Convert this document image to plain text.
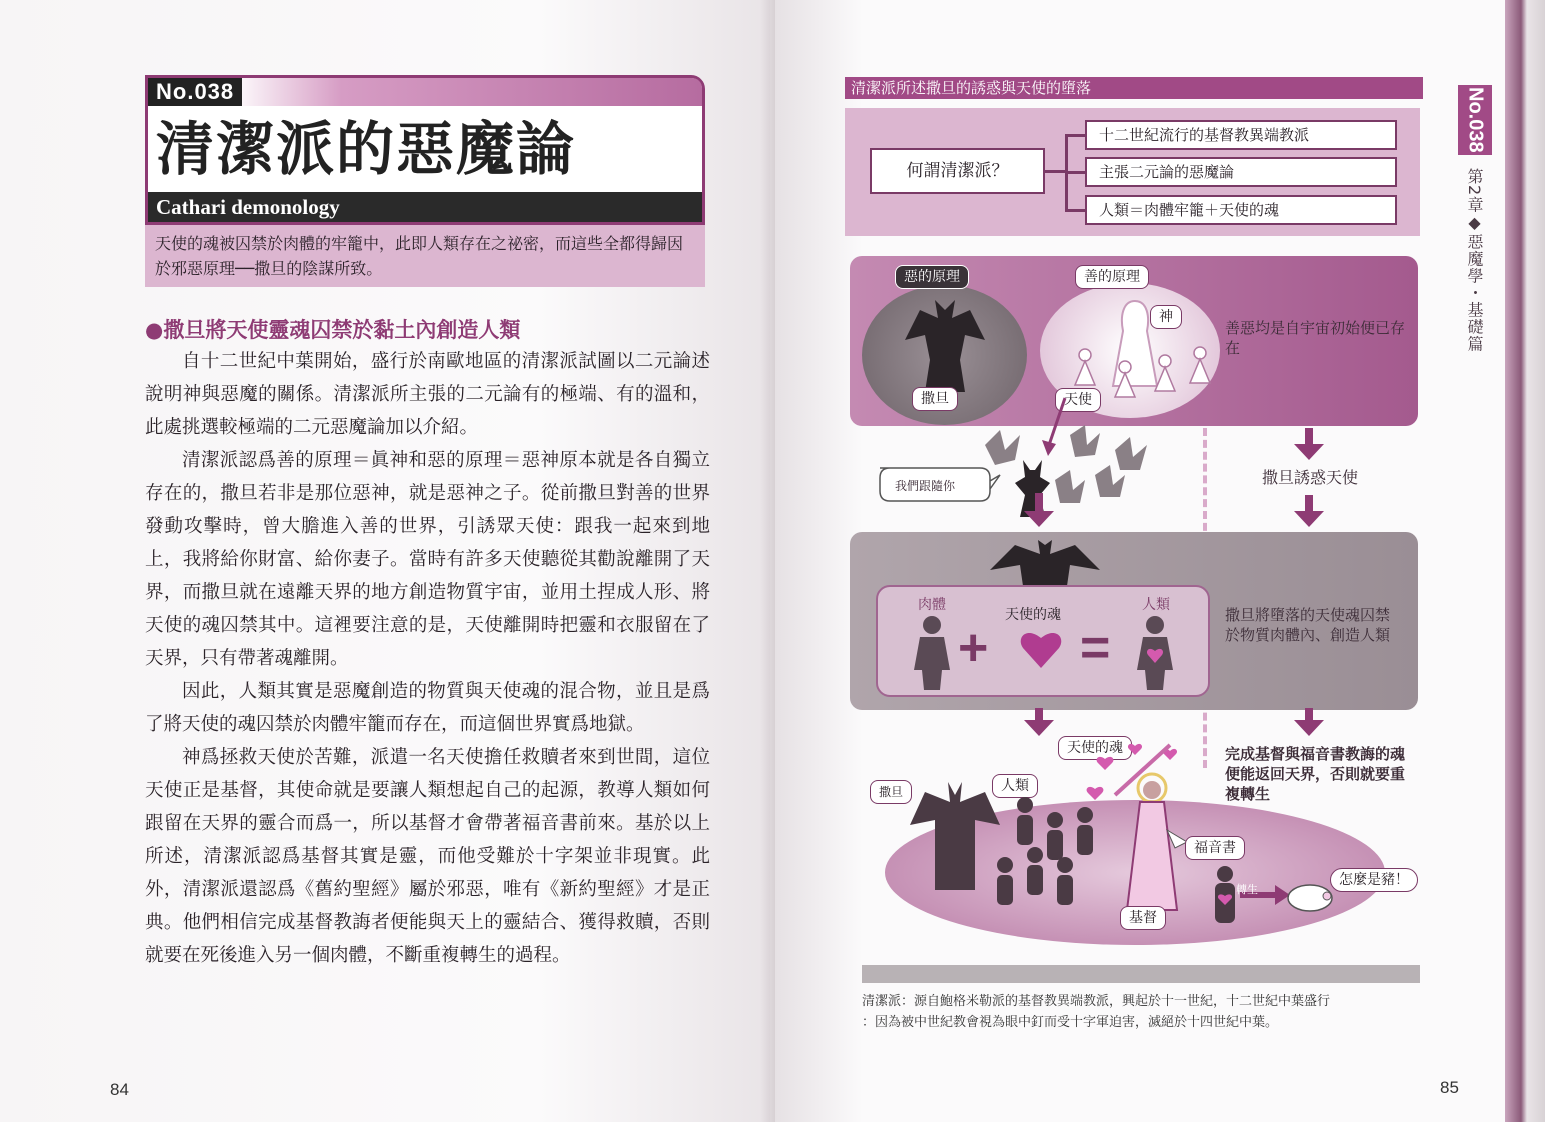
No.038
清潔派的惡魔論
Cathari demonology
天使的魂被囚禁於肉體的牢籠中，此即人類存在之祕密，而這些全都得歸因於邪惡原理──撒旦的陰謀所致。
●撒旦將天使靈魂囚禁於黏土內創造人類

自十二世紀中葉開始，盛行於南歐地區的清潔派試圖以二元論述說明神與惡魔的關係。清潔派所主張的二元論有的極端、有的溫和，此處挑選較極端的二元惡魔論加以介紹。

清潔派認爲善的原理＝眞神和惡的原理＝惡神原本就是各自獨立存在的，撒旦若非是那位惡神，就是惡神之子。從前撒旦對善的世界發動攻擊時，曾大膽進入善的世界，引誘眾天使：跟我一起來到地上，我將給你財富、給你妻子。當時有許多天使聽從其勸說離開了天界，而撒旦就在遠離天界的地方創造物質宇宙，並用土捏成人形、將天使的魂囚禁其中。這裡要注意的是，天使離開時把靈和衣服留在了天界，只有帶著魂離開。

因此，人類其實是惡魔創造的物質與天使魂的混合物，並且是爲了將天使的魂囚禁於肉體牢籠而存在，而這個世界實爲地獄。

神爲拯救天使於苦難，派遣一名天使擔任救贖者來到世間，這位天使正是基督，其使命就是要讓人類想起自己的起源，教導人類如何跟留在天界的靈合而爲一，所以基督才會帶著福音書前來。基於以上所述，清潔派認爲基督其實是靈，而他受難於十字架並非現實。此外，清潔派還認爲《舊約聖經》屬於邪惡，唯有《新約聖經》才是正典。他們相信完成基督教誨者便能與天上的靈結合、獲得救贖，否則就要在死後進入另一個肉體，不斷重複轉生的過程。

84
清潔派所述撒旦的誘惑與天使的墮落
何謂清潔派？
十二世紀流行的基督教異端教派
主張二元論的惡魔論
人類＝肉體牢籠＋天使的魂
惡的原理	善的原理
神
撒旦	天使
善惡均是自宇宙初始便已存在
我們跟隨你	撒旦誘惑天使
肉體
天使的魂
人類
+ =
撒旦將墮落的天使魂囚禁於物質肉體內、創造人類
撒旦	人類
天使的魂
福音書
基督
轉生
怎麼是豬！
完成基督與福音書教誨的魂便能返回天界，否則就要重複轉生
清潔派：源自鮑格米勒派的基督教異端教派，興起於十一世紀，十二世紀中葉盛行
：因為被中世紀教會視為眼中釘而受十字軍迫害，滅絕於十四世紀中葉。
85
No.038
第2章◆惡魔學・基礎篇
